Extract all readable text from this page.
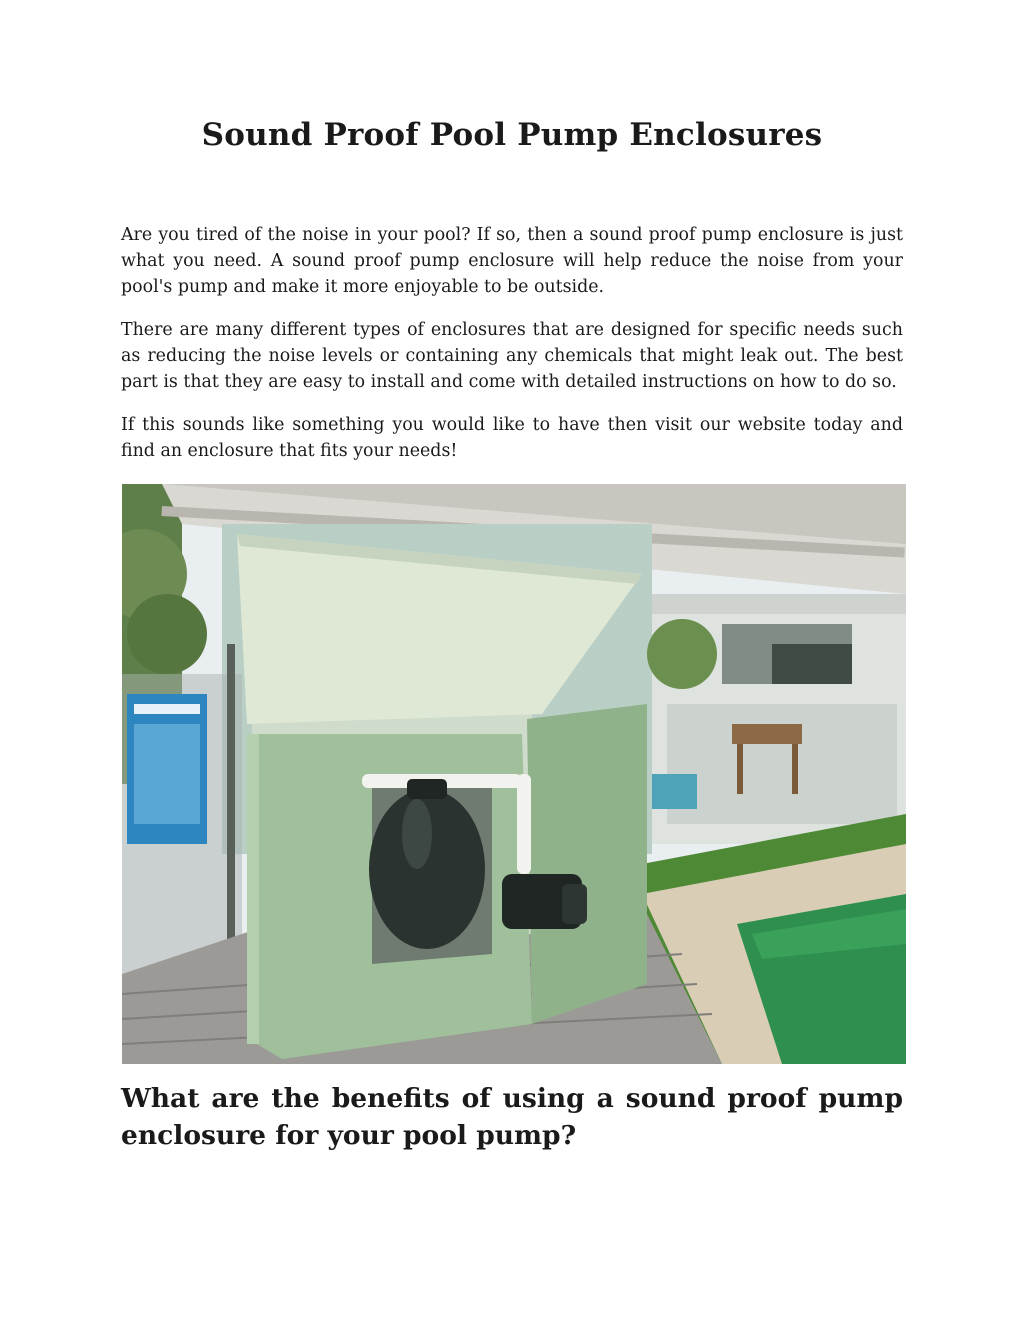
Sound Proof Pool Pump Enclosures

Are you tired of the noise in your pool? If so, then a sound proof pump enclosure is just what you need. A sound proof pump enclosure will help reduce the noise from your pool's pump and make it more enjoyable to be outside.

There are many different types of enclosures that are designed for specific needs such as reducing the noise levels or containing any chemicals that might leak out. The best part is that they are easy to install and come with detailed instructions on how to do so.

If this sounds like something you would like to have then visit our website today and find an enclosure that fits your needs!

What are the benefits of using a sound proof pump enclosure for your pool pump?
